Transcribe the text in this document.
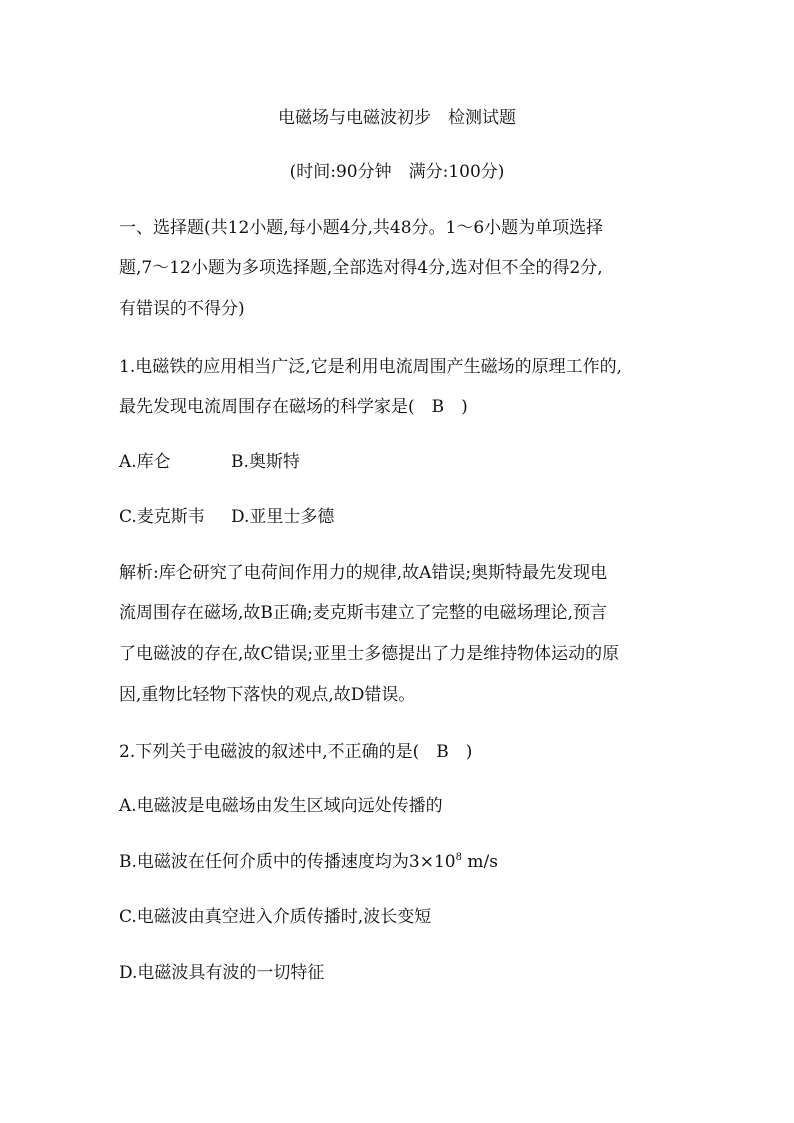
电磁场与电磁波初步　检测试题
(时间:90分钟　满分:100分)
一、选择题(共12小题,每小题4分,共48分。1～6小题为单项选择
题,7～12小题为多项选择题,全部选对得4分,选对但不全的得2分,
有错误的不得分)
1.电磁铁的应用相当广泛,它是利用电流周围产生磁场的原理工作的,
最先发现电流周围存在磁场的科学家是(　B　)
A.库仑	B.奥斯特
C.麦克斯韦 D.亚里士多德
解析:库仑研究了电荷间作用力的规律,故A错误;奥斯特最先发现电
流周围存在磁场,故B正确;麦克斯韦建立了完整的电磁场理论,预言
了电磁波的存在,故C错误;亚里士多德提出了力是维持物体运动的原
因,重物比轻物下落快的观点,故D错误。
2.下列关于电磁波的叙述中,不正确的是(　B　)
A.电磁波是电磁场由发生区域向远处传播的
B.电磁波在任何介质中的传播速度均为$3\times 10^8$ m/s
C.电磁波由真空进入介质传播时,波长变短
D.电磁波具有波的一切特征
